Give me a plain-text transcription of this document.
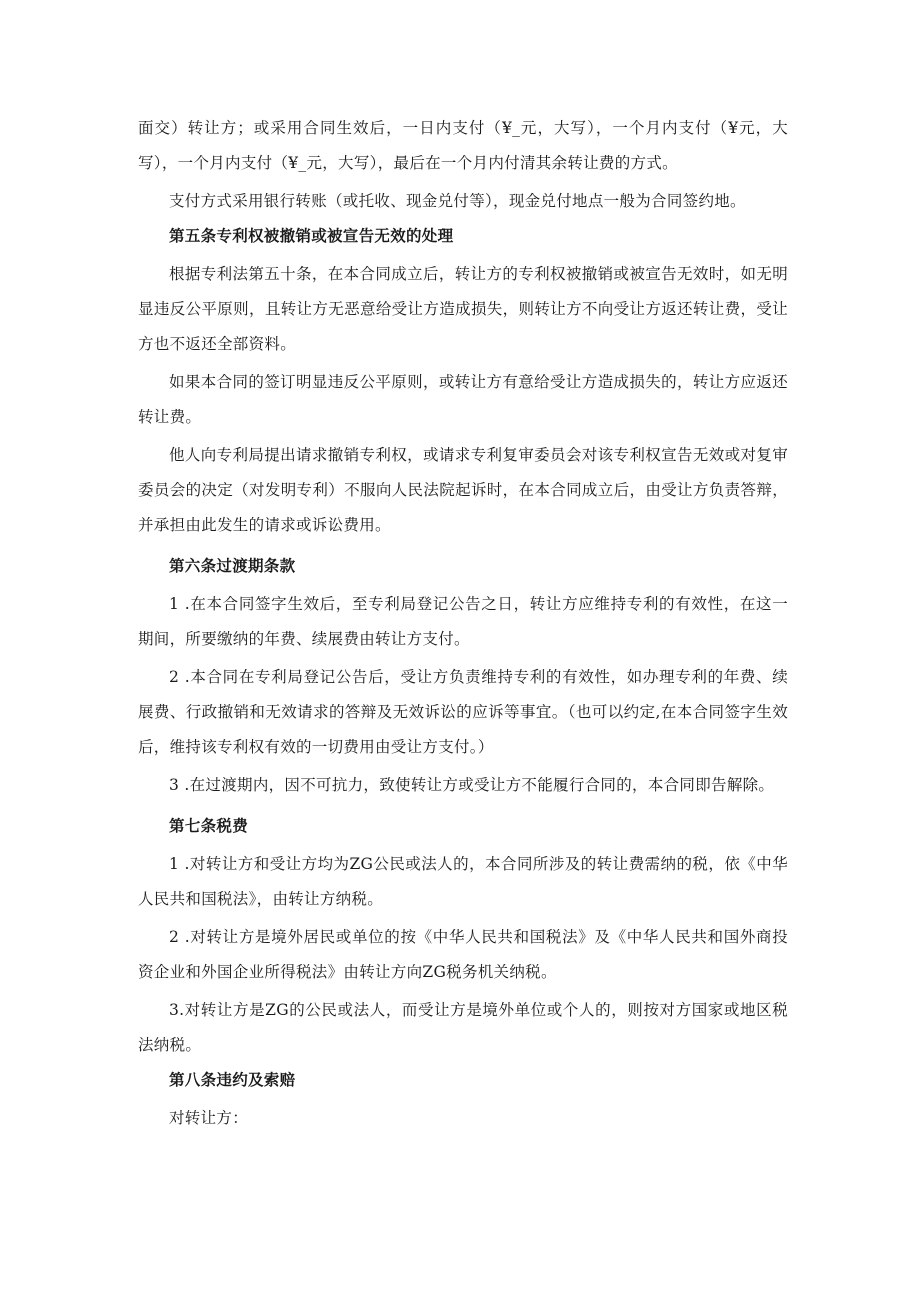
面交）转让方；或采用合同生效后，一日内支付（¥_元，大写），一个月内支付（¥元，大写），一个月内支付（¥_元，大写），最后在一个月内付清其余转让费的方式。

支付方式采用银行转账（或托收、现金兑付等），现金兑付地点一般为合同签约地。

第五条专利权被撤销或被宣告无效的处理

根据专利法第五十条，在本合同成立后，转让方的专利权被撤销或被宣告无效时，如无明显违反公平原则，且转让方无恶意给受让方造成损失，则转让方不向受让方返还转让费，受让方也不返还全部资料。

如果本合同的签订明显违反公平原则，或转让方有意给受让方造成损失的，转让方应返还转让费。

他人向专利局提出请求撤销专利权，或请求专利复审委员会对该专利权宣告无效或对复审委员会的决定（对发明专利）不服向人民法院起诉时，在本合同成立后，由受让方负责答辩，并承担由此发生的请求或诉讼费用。

第六条过渡期条款

1 .在本合同签字生效后，至专利局登记公告之日，转让方应维持专利的有效性，在这一期间，所要缴纳的年费、续展费由转让方支付。

2 .本合同在专利局登记公告后，受让方负责维持专利的有效性，如办理专利的年费、续展费、行政撤销和无效请求的答辩及无效诉讼的应诉等事宜。（也可以约定,在本合同签字生效后，维持该专利权有效的一切费用由受让方支付。）

3 .在过渡期内，因不可抗力，致使转让方或受让方不能履行合同的，本合同即告解除。

第七条税费

1 .对转让方和受让方均为ZG公民或法人的，本合同所涉及的转让费需纳的税，依《中华人民共和国税法》，由转让方纳税。

2 .对转让方是境外居民或单位的按《中华人民共和国税法》及《中华人民共和国外商投资企业和外国企业所得税法》由转让方向ZG税务机关纳税。

3.对转让方是ZG的公民或法人，而受让方是境外单位或个人的，则按对方国家或地区税法纳税。

第八条违约及索赔

对转让方：
